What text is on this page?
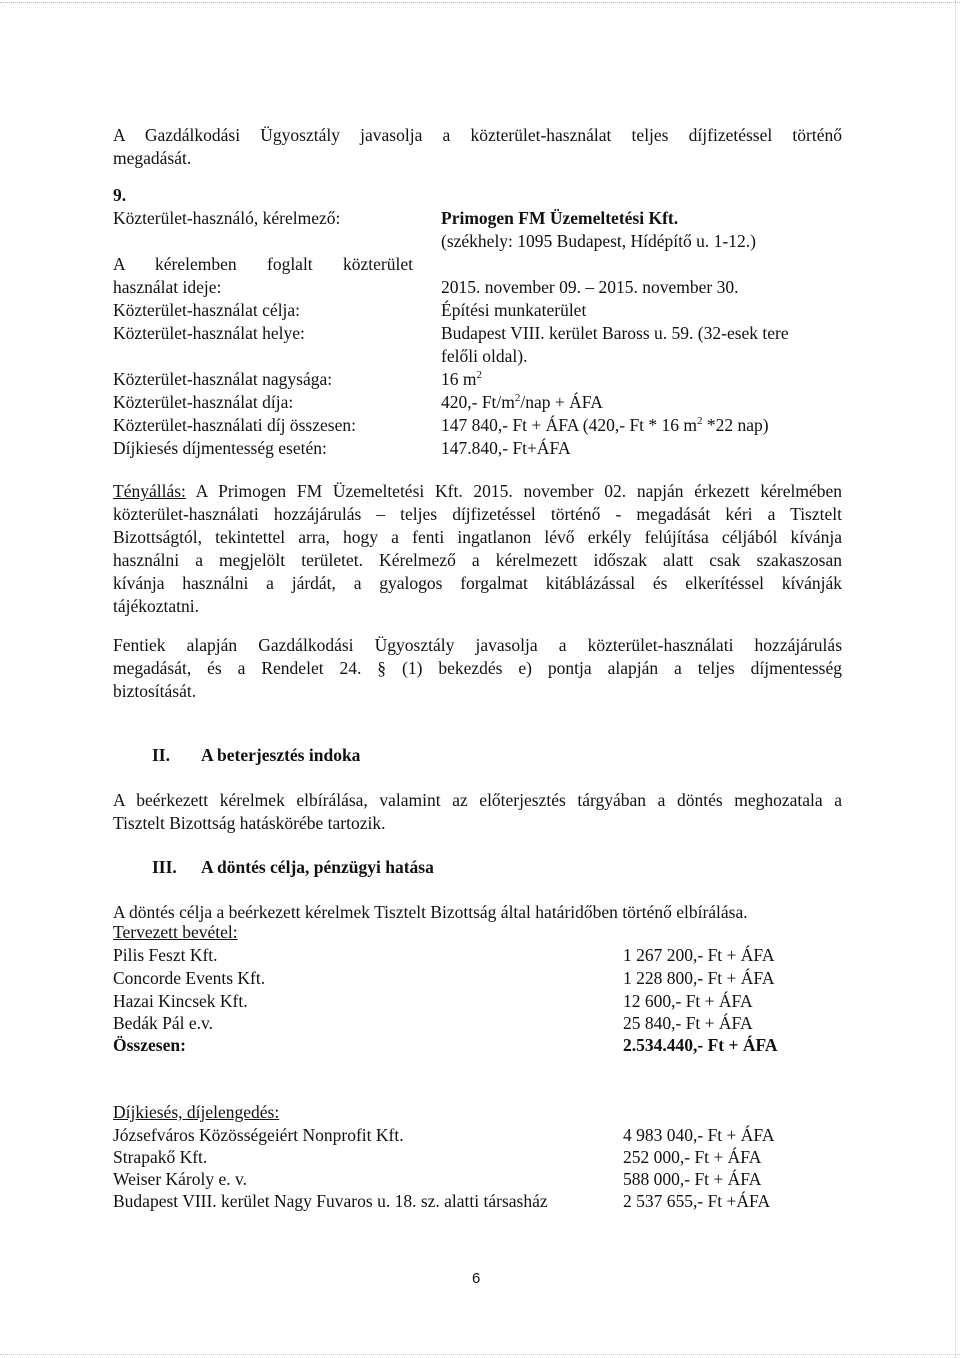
A Gazdálkodási Ügyosztály javasolja a közterület-használat teljes díjfizetéssel történő
megadását.
9.
Közterület-használó, kérelmező:	Primogen FM Üzemeltetési Kft.
(székhely: 1095 Budapest, Hídépítő u. 1-12.)
A kérelemben foglalt közterület
használat ideje:	2015. november 09. – 2015. november 30.
Közterület-használat célja:	Építési munkaterület
Közterület-használat helye:	Budapest VIII. kerület Baross u. 59. (32-esek tere
felőli oldal).
Közterület-használat nagysága:	16 $m^2$
Közterület-használat díja:	420,- $Ft/m^2$/nap + ÁFA
Közterület-használati díj összesen:	147 840,- Ft + ÁFA (420,- Ft * 16 $m^2$ *22 nap)
Díjkiesés díjmentesség esetén:	147.840,- Ft+ÁFA
Tényállás: A Primogen FM Üzemeltetési Kft. 2015. november 02. napján érkezett kérelmében
közterület-használati hozzájárulás – teljes díjfizetéssel történő - megadását kéri a Tisztelt
Bizottságtól, tekintettel arra, hogy a fenti ingatlanon lévő erkély felújítása céljából kívánja
használni a megjelölt területet. Kérelmező a kérelmezett időszak alatt csak szakaszosan
kívánja használni a járdát, a gyalogos forgalmat kitáblázással és elkerítéssel kívánják
tájékoztatni.
Fentiek alapján Gazdálkodási Ügyosztály javasolja a közterület-használati hozzájárulás
megadását, és a Rendelet 24. § (1) bekezdés e) pontja alapján a teljes díjmentesség
biztosítását.
II. A beterjesztés indoka
A beérkezett kérelmek elbírálása, valamint az előterjesztés tárgyában a döntés meghozatala a
Tisztelt Bizottság hatáskörébe tartozik.
III. A döntés célja, pénzügyi hatása
A döntés célja a beérkezett kérelmek Tisztelt Bizottság által határidőben történő elbírálása.
Tervezett bevétel:
Pilis Feszt Kft.	1 267 200,- Ft + ÁFA
Concorde Events Kft.	1 228 800,- Ft + ÁFA
Hazai Kincsek Kft.	12 600,- Ft + ÁFA
Bedák Pál e.v.	25 840,- Ft + ÁFA
Összesen:	2.534.440,- Ft + ÁFA
Díjkiesés, díjelengedés:
Józsefváros Közösségeiért Nonprofit Kft.	4 983 040,- Ft + ÁFA
Strapakő Kft.	252 000,- Ft + ÁFA
Weiser Károly e. v.	588 000,- Ft + ÁFA
Budapest VIII. kerület Nagy Fuvaros u. 18. sz. alatti társasház	2 537 655,- Ft +ÁFA
6
